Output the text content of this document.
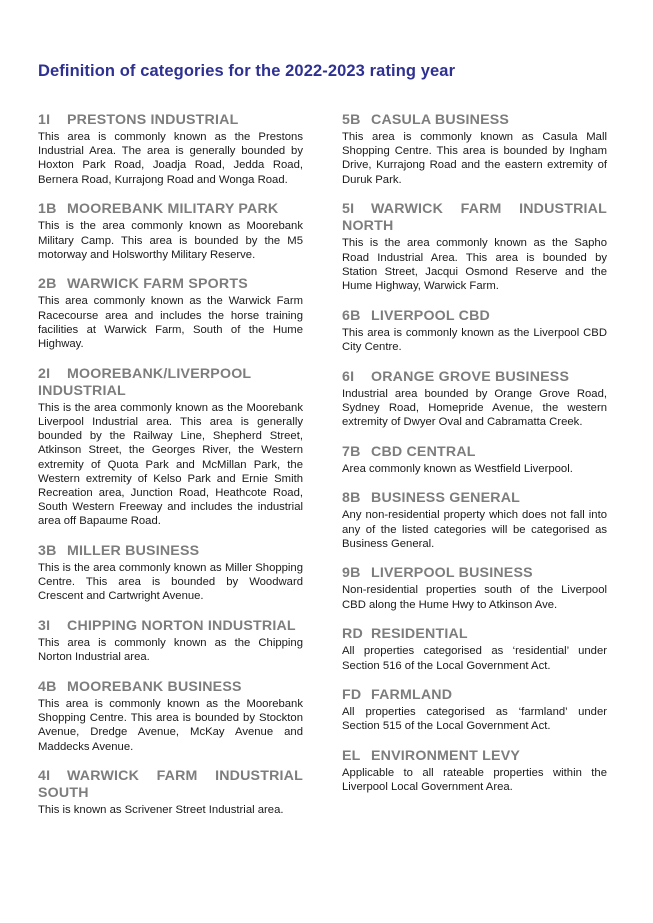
Definition of categories for the 2022-2023 rating year
1I PRESTONS INDUSTRIAL

This area is commonly known as the Prestons Industrial Area. The area is generally bounded by Hoxton Park Road, Joadja Road, Jedda Road, Bernera Road, Kurrajong Road and Wonga Road.

1B MOOREBANK MILITARY PARK

This is the area commonly known as Moorebank Military Camp. This area is bounded by the M5 motorway and Holsworthy Military Reserve.

2B WARWICK FARM SPORTS

This area commonly known as the Warwick Farm Racecourse area and includes the horse training facilities at Warwick Farm, South of the Hume Highway.

2I MOOREBANK/LIVERPOOL INDUSTRIAL

This is the area commonly known as the Moorebank Liverpool Industrial area. This area is generally bounded by the Railway Line, Shepherd Street, Atkinson Street, the Georges River, the Western extremity of Quota Park and McMillan Park, the Western extremity of Kelso Park and Ernie Smith Recreation area, Junction Road, Heathcote Road, South Western Freeway and includes the industrial area off Bapaume Road.

3B MILLER BUSINESS

This is the area commonly known as Miller Shopping Centre. This area is bounded by Woodward Crescent and Cartwright Avenue.

3I CHIPPING NORTON INDUSTRIAL

This area is commonly known as the Chipping Norton Industrial area.

4B MOOREBANK BUSINESS

This area is commonly known as the Moorebank Shopping Centre. This area is bounded by Stockton Avenue, Dredge Avenue, McKay Avenue and Maddecks Avenue.

4I WARWICK FARM INDUSTRIAL SOUTH

This is known as Scrivener Street Industrial area.

5B CASULA BUSINESS

This area is commonly known as Casula Mall Shopping Centre. This area is bounded by Ingham Drive, Kurrajong Road and the eastern extremity of Duruk Park.

5I WARWICK FARM INDUSTRIAL NORTH

This is the area commonly known as the Sapho Road Industrial Area. This area is bounded by Station Street, Jacqui Osmond Reserve and the Hume Highway, Warwick Farm.

6B LIVERPOOL CBD

This area is commonly known as the Liverpool CBD City Centre.

6I ORANGE GROVE BUSINESS

Industrial area bounded by Orange Grove Road, Sydney Road, Homepride Avenue, the western extremity of Dwyer Oval and Cabramatta Creek.

7B CBD CENTRAL

Area commonly known as Westfield Liverpool.

8B BUSINESS GENERAL

Any non-residential property which does not fall into any of the listed categories will be categorised as Business General.

9B LIVERPOOL BUSINESS

Non-residential properties south of the Liverpool CBD along the Hume Hwy to Atkinson Ave.

RD RESIDENTIAL

All properties categorised as ‘residential’ under Section 516 of the Local Government Act.

FD FARMLAND

All properties categorised as ‘farmland’ under Section 515 of the Local Government Act.

EL ENVIRONMENT LEVY

Applicable to all rateable properties within the Liverpool Local Government Area.
